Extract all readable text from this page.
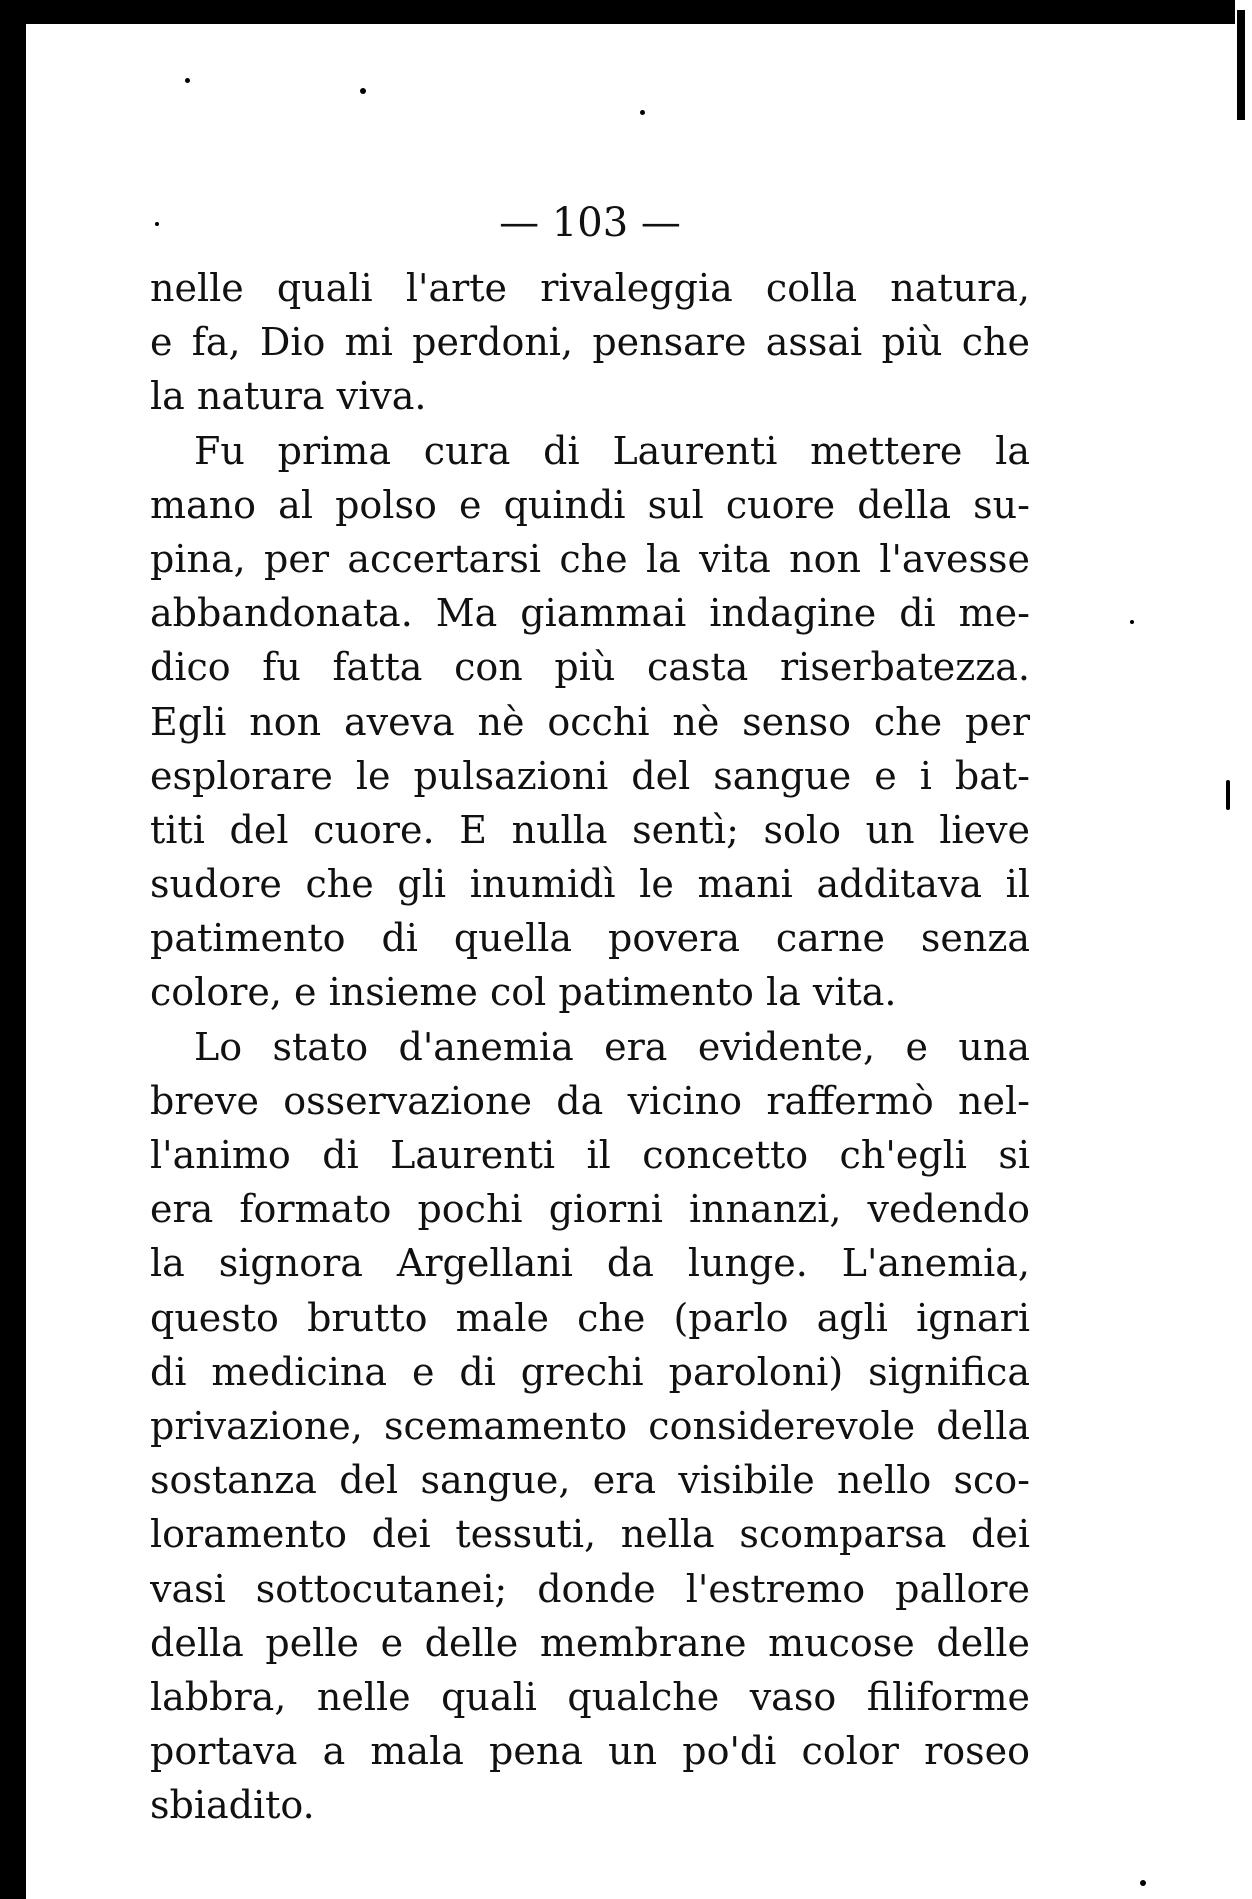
— 103 —
nelle quali l'arte rivaleggia colla natura,
e fa, Dio mi perdoni, pensare assai più che
la natura viva.
Fu prima cura di Laurenti mettere la
mano al polso e quindi sul cuore della su-
pina, per accertarsi che la vita non l'avesse
abbandonata. Ma giammai indagine di me-
dico fu fatta con più casta riserbatezza.
Egli non aveva nè occhi nè senso che per
esplorare le pulsazioni del sangue e i bat-
titi del cuore. E nulla sentì; solo un lieve
sudore che gli inumidì le mani additava il
patimento di quella povera carne senza
colore, e insieme col patimento la vita.
Lo stato d'anemia era evidente, e una
breve osservazione da vicino raffermò nel-
l'animo di Laurenti il concetto ch'egli si
era formato pochi giorni innanzi, vedendo
la signora Argellani da lunge. L'anemia,
questo brutto male che (parlo agli ignari
di medicina e di grechi paroloni) significa
privazione, scemamento considerevole della
sostanza del sangue, era visibile nello sco-
loramento dei tessuti, nella scomparsa dei
vasi sottocutanei; donde l'estremo pallore
della pelle e delle membrane mucose delle
labbra, nelle quali qualche vaso filiforme
portava a mala pena un po'di color roseo
sbiadito.
